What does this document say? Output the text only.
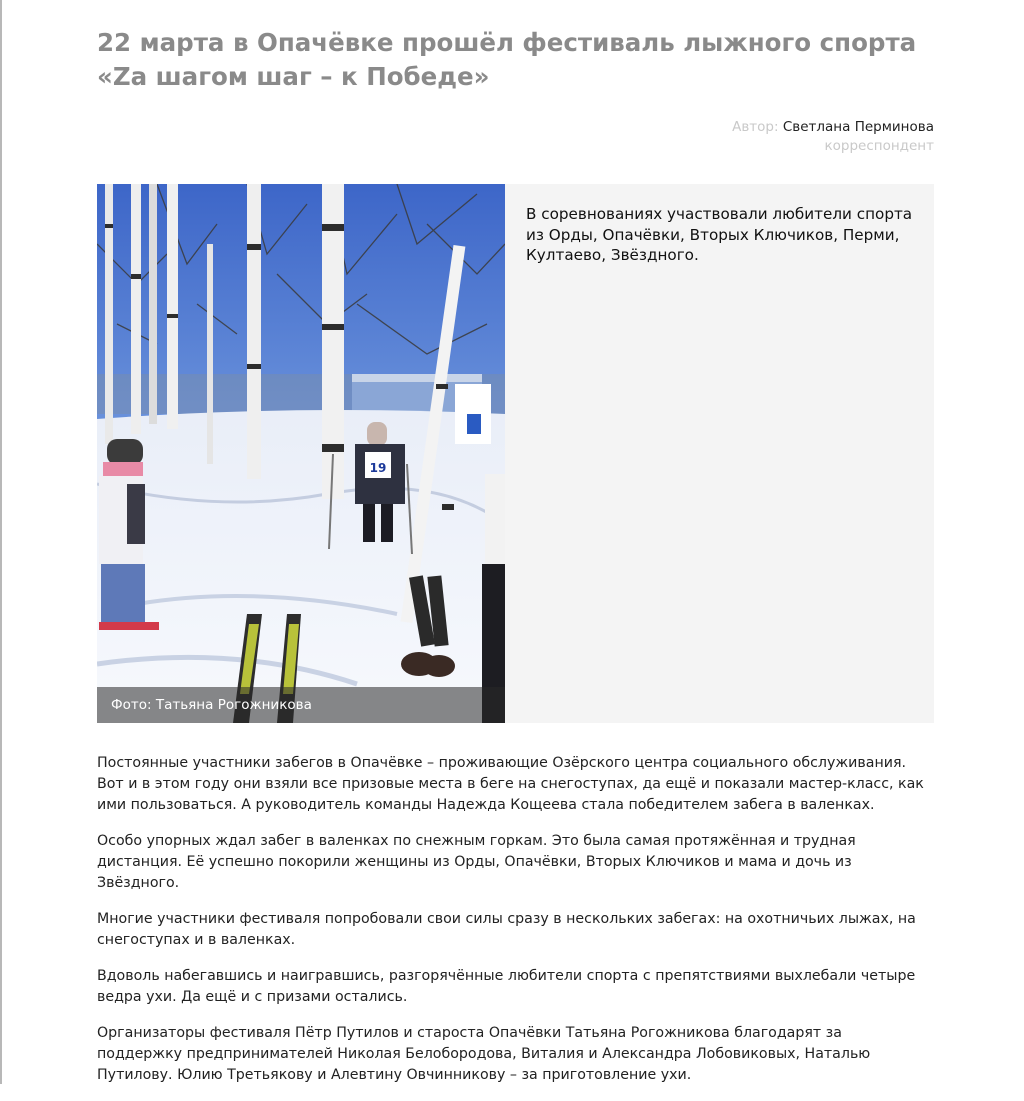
22 марта в Опачёвке прошёл фестиваль лыжного спорта «Zа шагом шаг – к Победе»
Автор: Светлана Перминова
корреспондент
19
Фото: Татьяна Рогожникова

В соревнованиях участвовали любители спорта из Орды, Опачёвки, Вторых Ключиков, Перми, Култаево, Звёздного.

Постоянные участники забегов в Опачёвке – проживающие Озёрского центра социального обслуживания. Вот и в этом году они взяли все призовые места в беге на снегоступах, да ещё и показали мастер-класс, как ими пользоваться. А руководитель команды Надежда Кощеева стала победителем забега в валенках.

Особо упорных ждал забег в валенках по снежным горкам. Это была самая протяжённая и трудная дистанция. Её успешно покорили женщины из Орды, Опачёвки, Вторых Ключиков и мама и дочь из Звёздного.

Многие участники фестиваля попробовали свои силы сразу в нескольких забегах: на охотничьих лыжах, на снегоступах и в валенках.

Вдоволь набегавшись и наигравшись, разгорячённые любители спорта с препятствиями выхлебали четыре ведра ухи. Да ещё и с призами остались.

Организаторы фестиваля Пётр Путилов и староста Опачёвки Татьяна Рогожникова благодарят за поддержку предпринимателей Николая Белобородова, Виталия и Александра Лобовиковых, Наталью Путилову. Юлию Третьякову и Алевтину Овчинникову – за приготовление ухи.
